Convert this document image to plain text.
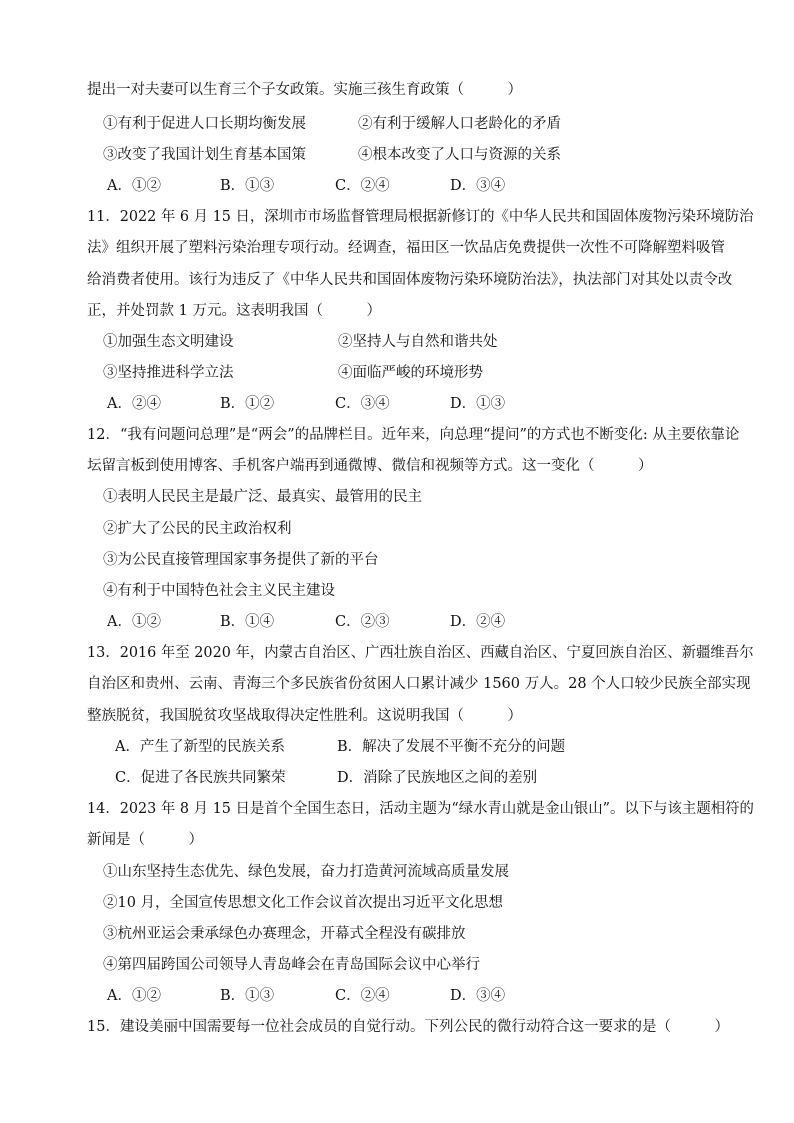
提出一对夫妻可以生育三个子女政策。实施三孩生育政策（　　　）
①有利于促进人口长期均衡发展	②有利于缓解人口老龄化的矛盾
③改变了我国计划生育基本国策	④根本改变了人口与资源的关系
A．①②	B．①③	C．②④	D．③④
11．2022 年 6 月 15 日，深圳市市场监督管理局根据新修订的《中华人民共和国固体废物污染环境防治
法》组织开展了塑料污染治理专项行动。经调查，福田区一饮品店免费提供一次性不可降解塑料吸管
给消费者使用。该行为违反了《中华人民共和国固体废物污染环境防治法》，执法部门对其处以责令改
正，并处罚款 1 万元。这表明我国（　　　）
①加强生态文明建设	②坚持人与自然和谐共处
③坚持推进科学立法	④面临严峻的环境形势
A．②④	B．①②	C．③④	D．①③
12．“我有问题问总理”是“两会”的品牌栏目。近年来，向总理“提问”的方式也不断变化: 从主要依靠论
坛留言板到使用博客、手机客户端再到通微博、微信和视频等方式。这一变化（　　　）
①表明人民民主是最广泛、最真实、最管用的民主
②扩大了公民的民主政治权利
③为公民直接管理国家事务提供了新的平台
④有利于中国特色社会主义民主建设
A．①②	B．①④	C．②③	D．②④
13．2016 年至 2020 年，内蒙古自治区、广西壮族自治区、西藏自治区、宁夏回族自治区、新疆维吾尔
自治区和贵州、云南、青海三个多民族省份贫困人口累计减少 1560 万人。28 个人口较少民族全部实现
整族脱贫，我国脱贫攻坚战取得决定性胜利。这说明我国（　　　）
A．产生了新型的民族关系	B．解决了发展不平衡不充分的问题
C．促进了各民族共同繁荣	D．消除了民族地区之间的差别
14．2023 年 8 月 15 日是首个全国生态日，活动主题为“绿水青山就是金山银山”。以下与该主题相符的
新闻是（　　　）
①山东坚持生态优先、绿色发展，奋力打造黄河流域高质量发展
②10 月，全国宣传思想文化工作会议首次提出习近平文化思想
③杭州亚运会秉承绿色办赛理念，开幕式全程没有碳排放
④第四届跨国公司领导人青岛峰会在青岛国际会议中心举行
A．①②	B．①③	C．②④	D．③④
15．建设美丽中国需要每一位社会成员的自觉行动。下列公民的微行动符合这一要求的是（　　　）
